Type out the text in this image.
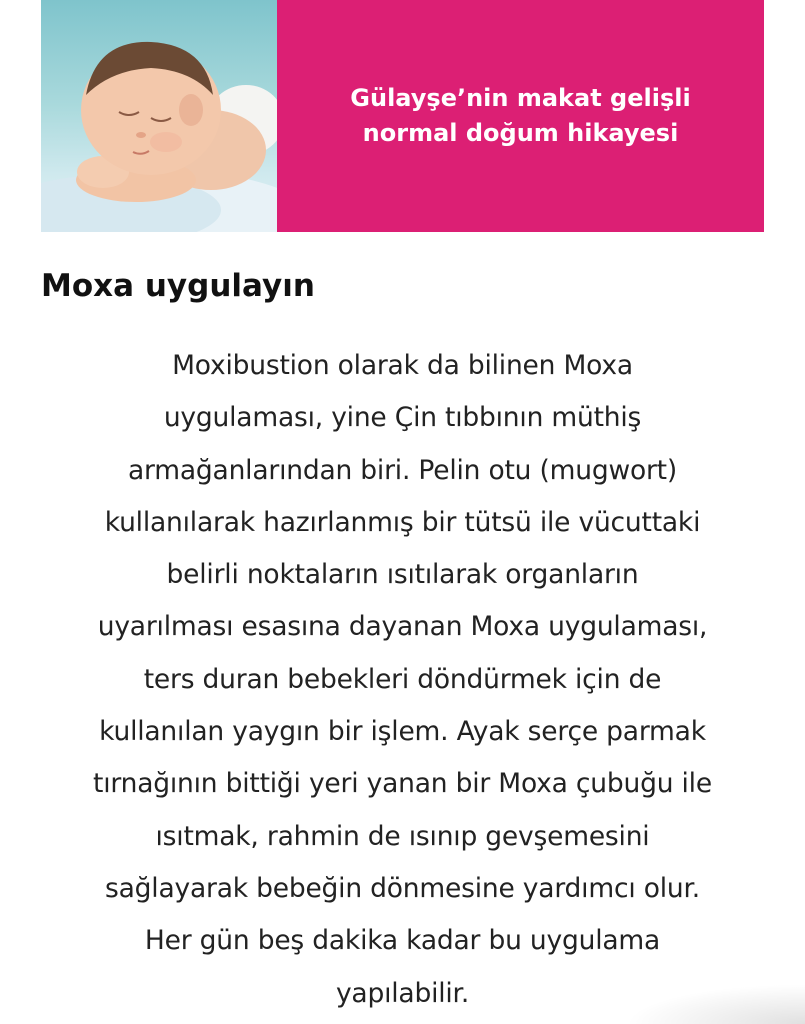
Gülayşe’nin makat gelişli
normal doğum hikayesi
Moxa uygulayın

Moxibustion olarak da bilinen Moxa
uygulaması, yine Çin tıbbının müthiş
armağanlarından biri. Pelin otu (mugwort)
kullanılarak hazırlanmış bir tütsü ile vücuttaki
belirli noktaların ısıtılarak organların
uyarılması esasına dayanan Moxa uygulaması,
ters duran bebekleri döndürmek için de
kullanılan yaygın bir işlem. Ayak serçe parmak
tırnağının bittiği yeri yanan bir Moxa çubuğu ile
ısıtmak, rahmin de ısınıp gevşemesini
sağlayarak bebeğin dönmesine yardımcı olur.
Her gün beş dakika kadar bu uygulama
yapılabilir.
